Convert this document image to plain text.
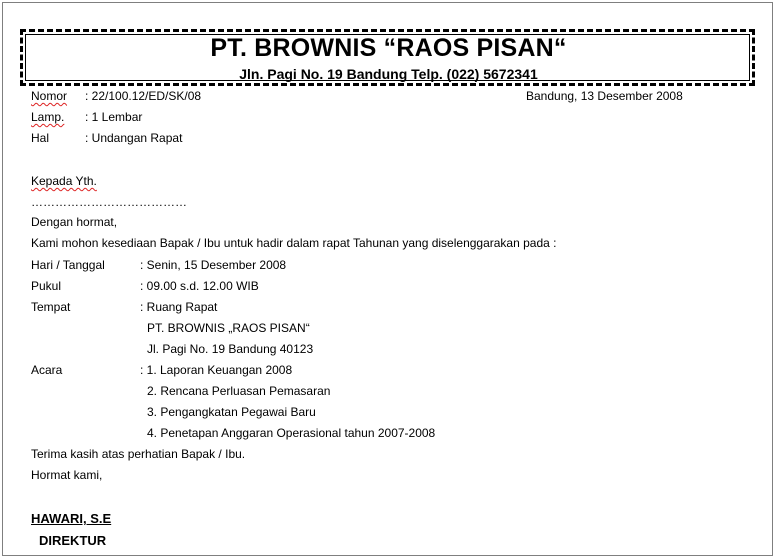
PT. BROWNIS “RAOS PISAN“
Jln. Pagi No. 19 Bandung Telp. (022) 5672341
Nomor : 22/100.12/ED/SK/08	Bandung, 13 Desember 2008
Lamp. : 1 Lembar
Hal	: Undangan Rapat
Kepada Yth.
…………………………………
Dengan hormat,
Kami mohon kesediaan Bapak / Ibu untuk hadir dalam rapat Tahunan yang diselenggarakan pada :
Hari / Tanggal	: Senin, 15 Desember 2008
Pukul	: 09.00 s.d. 12.00 WIB
Tempat	: Ruang Rapat
PT. BROWNIS „RAOS PISAN“
Jl. Pagi No. 19 Bandung 40123
Acara	: 1. Laporan Keuangan 2008
2. Rencana Perluasan Pemasaran
3. Pengangkatan Pegawai Baru
4. Penetapan Anggaran Operasional tahun 2007-2008
Terima kasih atas perhatian Bapak / Ibu.
Hormat kami,
HAWARI, S.E
DIREKTUR
